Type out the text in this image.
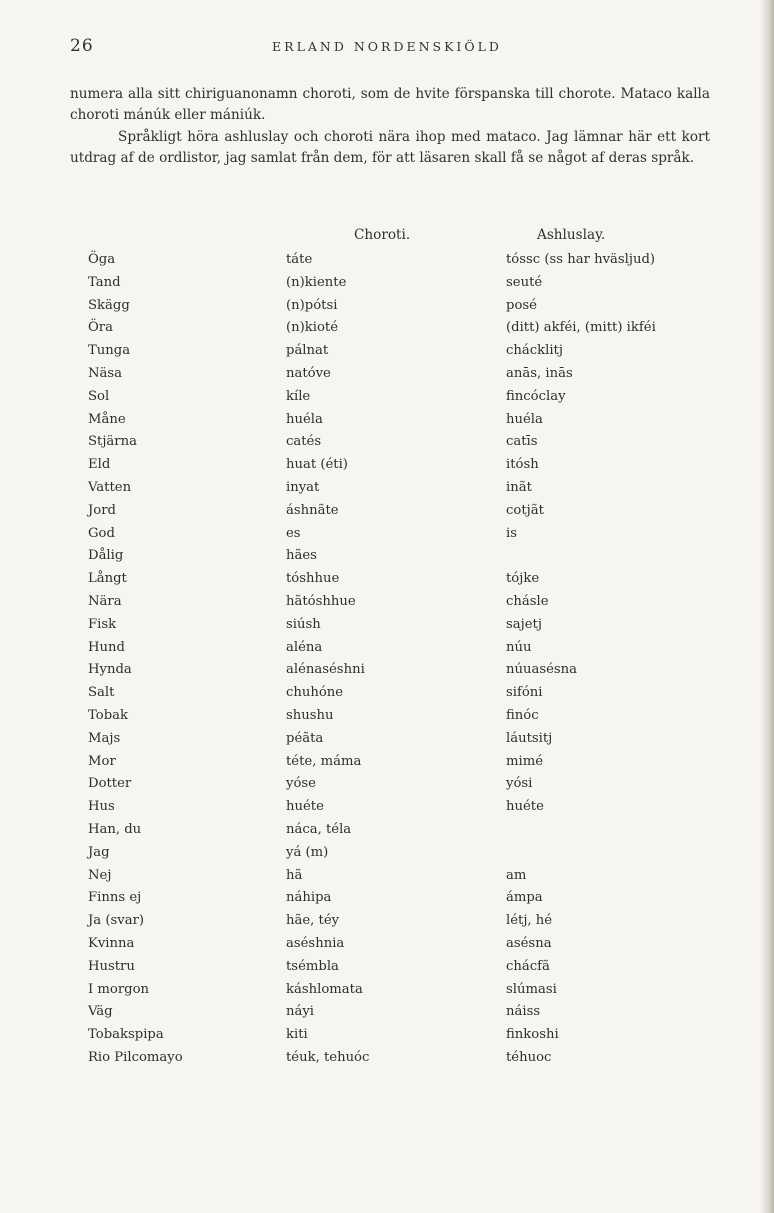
26	ERLAND NORDENSKIÖLD

numera alla sitt chiriguanonamn choroti, som de hvite förspanska till chorote. Mataco kalla choroti mánúk eller mániúk.

Språkligt höra ashluslay och choroti nära ihop med mataco. Jag lämnar här ett kort utdrag af de ordlistor, jag samlat från dem, för att läsaren skall få se något af deras språk.

Choroti.	Ashluslay.
Öga	táte	tóssc (ss har hväsljud)
Tand	(n)kiente	seuté
Skägg	(n)pótsi	posé
Öra	(n)kioté	(ditt) akféi, (mitt) ikféi
Tunga	pálnat	chácklitj
Näsa	natóve	anās, inās
Sol	kíle	fincóclay
Måne	huéla	huéla
Stjärna	catés	catīs
Eld	huat (éti)	itósh
Vatten	inyat	inãt
Jord	áshnãte	cotjãt
God	es	is
Dålig	hães
Långt	tóshhue	tójke
Nära	hãtóshhue	chásle
Fisk	siúsh	sajetj
Hund	aléna	núu
Hynda	alénaséshni	núuasésna
Salt	chuhóne	sifóni
Tobak	shushu	finóc
Majs	péãta	láutsitj
Mor	téte, máma	mimé
Dotter	yóse	yósi
Hus	huéte	huéte
Han, du	náca, téla
Jag	yá (m)
Nej	hã	am
Finns ej	náhipa	ámpa
Ja (svar)	hãe, téy	létj, hé
Kvinna	aséshnia	asésna
Hustru	tsémbla	chácfã
I morgon	káshlomata	slúmasi
Väg	náyi	náiss
Tobakspipa	kiti	finkoshi
Rio Pilcomayo	téuk, tehuóc	téhuoc
